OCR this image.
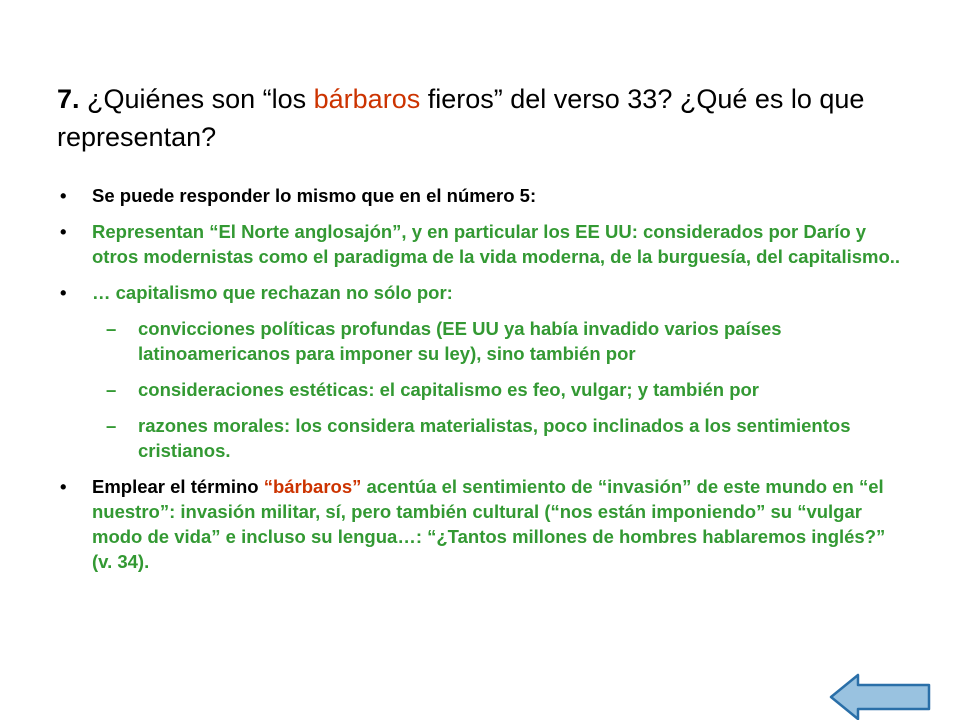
7. ¿Quiénes son “los bárbaros fieros” del verso 33? ¿Qué es lo que representan?
• Se puede responder lo mismo que en el número 5:
• Representan “El Norte anglosajón”, y en particular los EE UU: considerados por Darío y otros modernistas como el paradigma de la vida moderna, de la burguesía, del capitalismo..
• … capitalismo que rechazan no sólo por:
– convicciones políticas profundas (EE UU ya había invadido varios países latinoamericanos para imponer su ley), sino también por
– consideraciones estéticas: el capitalismo es feo, vulgar; y también por
– razones morales: los considera materialistas, poco inclinados a los sentimientos cristianos.
• Emplear el término “bárbaros” acentúa el sentimiento de “invasión” de este mundo en “el nuestro”: invasión militar, sí, pero también cultural (“nos están imponiendo” su “vulgar modo de vida” e incluso su lengua…: “¿Tantos millones de hombres hablaremos inglés?” (v. 34).
